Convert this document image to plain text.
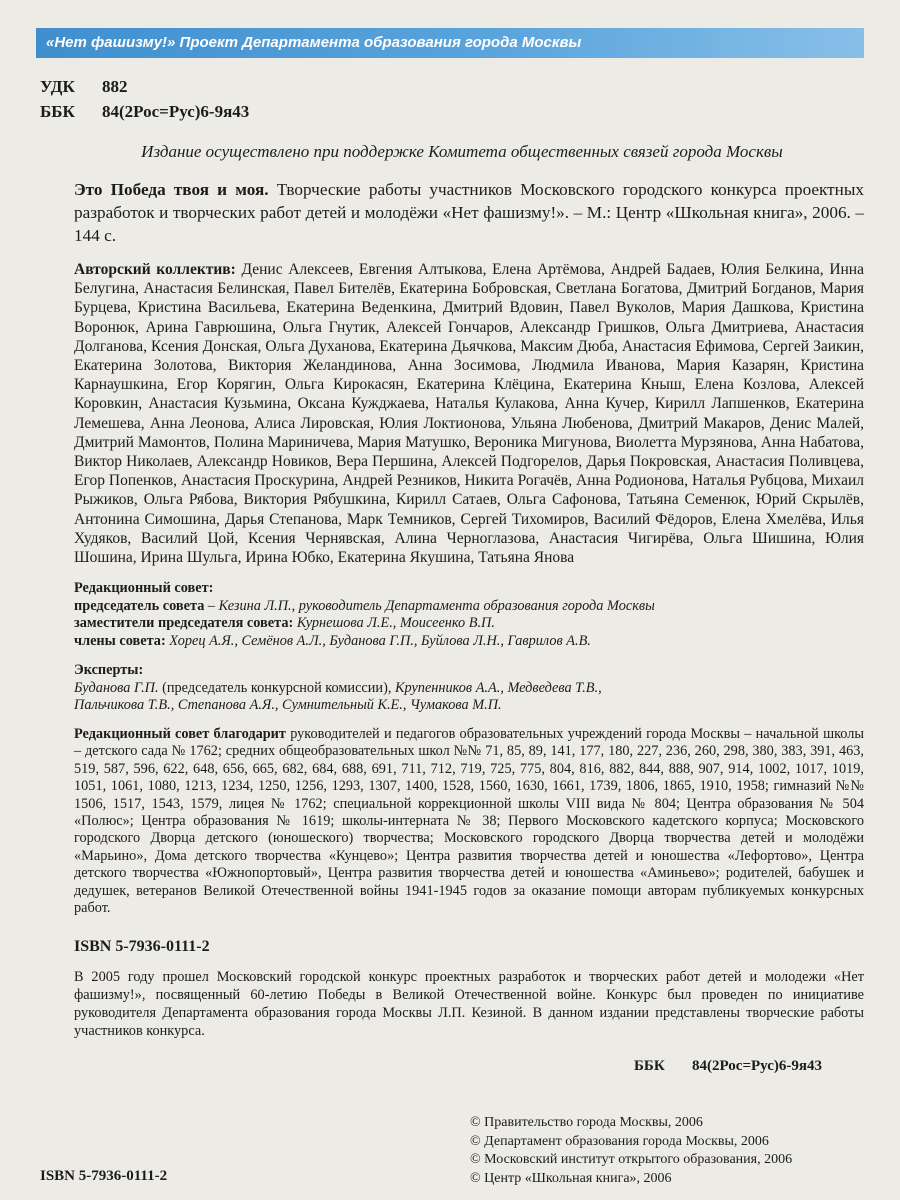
«Нет фашизму!» Проект Департамента образования города Москвы
УДК 882
ББК 84(2Рос=Рус)6-9я43
Издание осуществлено при поддержке Комитета общественных связей города Москвы

Это Победа твоя и моя. Творческие работы участников Московского городского конкурса проектных разработок и творческих работ детей и молодёжи «Нет фашизму!». – М.: Центр «Школьная книга», 2006. – 144 с.

Авторский коллектив: Денис Алексеев, Евгения Алтыкова, Елена Артёмова, Андрей Бадаев, Юлия Белкина, Инна Белугина, Анастасия Белинская, Павел Бителёв, Екатерина Бобровская, Светлана Богатова, Дмитрий Богданов, Мария Бурцева, Кристина Васильева, Екатерина Веденкина, Дмитрий Вдовин, Павел Вуколов, Мария Дашкова, Кристина Воронюк, Арина Гаврюшина, Ольга Гнутик, Алексей Гончаров, Александр Гришков, Ольга Дмитриева, Анастасия Долганова, Ксения Донская, Ольга Духанова, Екатерина Дьячкова, Максим Дюба, Анастасия Ефимова, Сергей Заикин, Екатерина Золотова, Виктория Желандинова, Анна Зосимова, Людмила Иванова, Мария Казарян, Кристина Карнаушкина, Егор Корягин, Ольга Кирокасян, Екатерина Клёцина, Екатерина Кныш, Елена Козлова, Алексей Коровкин, Анастасия Кузьмина, Оксана Кужджаева, Наталья Кулакова, Анна Кучер, Кирилл Лапшенков, Екатерина Лемешева, Анна Леонова, Алиса Лировская, Юлия Локтионова, Ульяна Любенова, Дмитрий Макаров, Денис Малей, Дмитрий Мамонтов, Полина Мариничева, Мария Матушко, Вероника Мигунова, Виолетта Мурзянова, Анна Набатова, Виктор Николаев, Александр Новиков, Вера Першина, Алексей Подгорелов, Дарья Покровская, Анастасия Поливцева, Егор Попенков, Анастасия Проскурина, Андрей Резников, Никита Рогачёв, Анна Родионова, Наталья Рубцова, Михаил Рыжиков, Ольга Рябова, Виктория Рябушкина, Кирилл Сатаев, Ольга Сафонова, Татьяна Семенюк, Юрий Скрылёв, Антонина Симошина, Дарья Степанова, Марк Темников, Сергей Тихомиров, Василий Фёдоров, Елена Хмелёва, Илья Худяков, Василий Цой, Ксения Чернявская, Алина Черноглазова, Анастасия Чигирёва, Ольга Шишина, Юлия Шошина, Ирина Шульга, Ирина Юбко, Екатерина Якушина, Татьяна Янова

Редакционный совет:
председатель совета – Кезина Л.П., руководитель Департамента образования города Москвы
заместители председателя совета: Курнешова Л.Е., Моисеенко В.П.
члены совета: Хорец А.Я., Семёнов А.Л., Буданова Г.П., Буйлова Л.Н., Гаврилов А.В.
Эксперты:
Буданова Г.П. (председатель конкурсной комиссии), Крупенников А.А., Медведева Т.В.,
Пальчикова Т.В., Степанова А.Я., Сумнительный К.Е., Чумакова М.П.

Редакционный совет благодарит руководителей и педагогов образовательных учреждений города Москвы – начальной школы – детского сада № 1762; средних общеобразовательных школ №№ 71, 85, 89, 141, 177, 180, 227, 236, 260, 298, 380, 383, 391, 463, 519, 587, 596, 622, 648, 656, 665, 682, 684, 688, 691, 711, 712, 719, 725, 775, 804, 816, 882, 844, 888, 907, 914, 1002, 1017, 1019, 1051, 1061, 1080, 1213, 1234, 1250, 1256, 1293, 1307, 1400, 1528, 1560, 1630, 1661, 1739, 1806, 1865, 1910, 1958; гимназий №№ 1506, 1517, 1543, 1579, лицея № 1762; специальной коррекционной школы VIII вида № 804; Центра образования № 504 «Полюс»; Центра образования № 1619; школы-интерната № 38; Первого Московского кадетского корпуса; Московского городского Дворца детского (юношеского) творчества; Московского городского Дворца творчества детей и молодёжи «Марьино», Дома детского творчества «Кунцево»; Центра развития творчества детей и юношества «Лефортово», Центра детского творчества «Южнопортовый», Центра развития творчества детей и юношества «Аминьево»; родителей, бабушек и дедушек, ветеранов Великой Отечественной войны 1941-1945 годов за оказание помощи авторам публикуемых конкурсных работ.

ISBN 5-7936-0111-2

В 2005 году прошел Московский городской конкурс проектных разработок и творческих работ детей и молодежи «Нет фашизму!», посвященный 60-летию Победы в Великой Отечественной войне. Конкурс был проведен по инициативе руководителя Департамента образования города Москвы Л.П. Кезиной. В данном издании представлены творческие работы участников конкурса.

ББК 84(2Рос=Рус)6-9я43
© Правительство города Москвы, 2006
© Департамент образования города Москвы, 2006
© Московский институт открытого образования, 2006
© Центр «Школьная книга», 2006
ISBN 5-7936-0111-2
